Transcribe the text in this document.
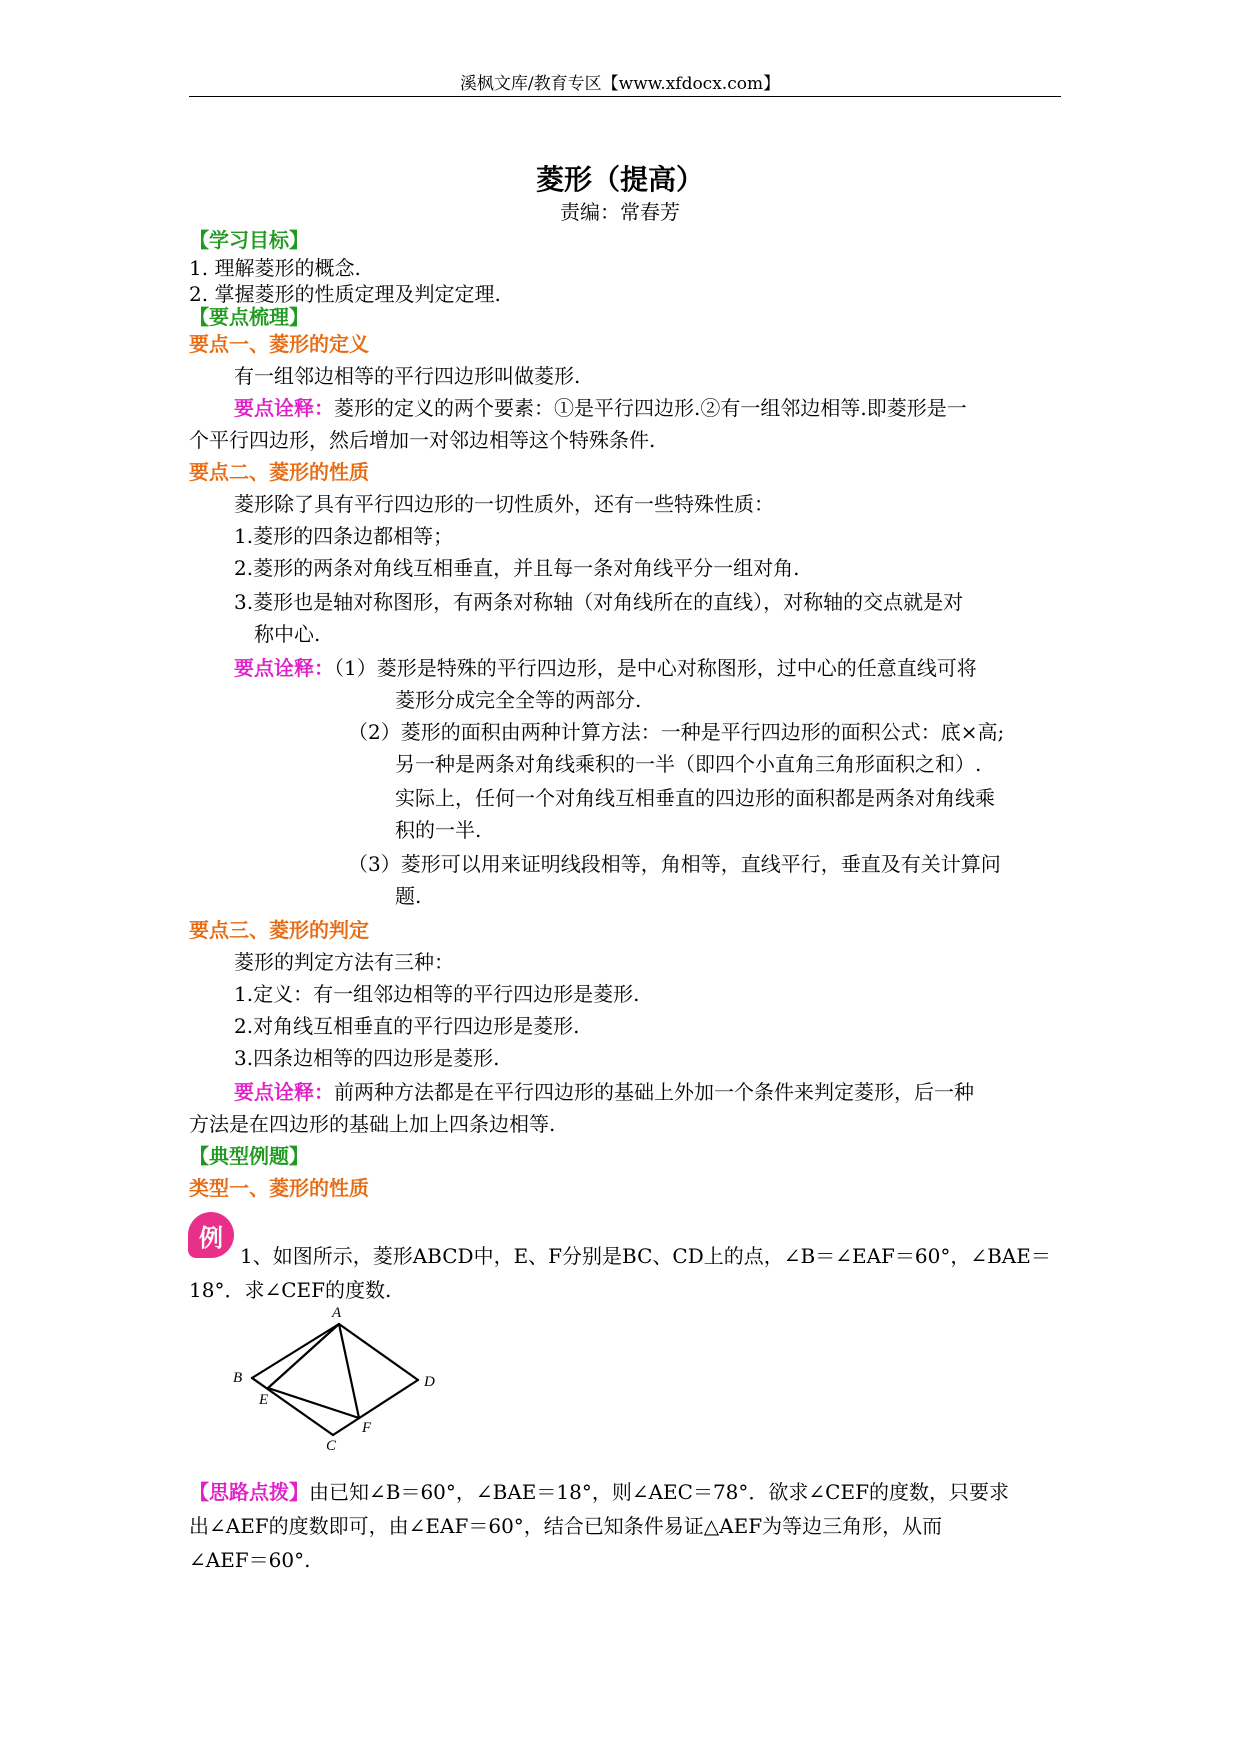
溪枫文库/教育专区【www.xfdocx.com】
菱形（提高）
责编：常春芳
【学习目标】
1. 理解菱形的概念.
2. 掌握菱形的性质定理及判定定理.
【要点梳理】
要点一、菱形的定义
有一组邻边相等的平行四边形叫做菱形.
要点诠释：菱形的定义的两个要素：①是平行四边形.②有一组邻边相等.即菱形是一
个平行四边形，然后增加一对邻边相等这个特殊条件.
要点二、菱形的性质
菱形除了具有平行四边形的一切性质外，还有一些特殊性质：
1.菱形的四条边都相等；
2.菱形的两条对角线互相垂直，并且每一条对角线平分一组对角.
3.菱形也是轴对称图形，有两条对称轴（对角线所在的直线），对称轴的交点就是对
称中心.
要点诠释：（1）菱形是特殊的平行四边形，是中心对称图形，过中心的任意直线可将
菱形分成完全全等的两部分.
（2）菱形的面积由两种计算方法：一种是平行四边形的面积公式：底×高;
另一种是两条对角线乘积的一半（即四个小直角三角形面积之和）.
实际上，任何一个对角线互相垂直的四边形的面积都是两条对角线乘
积的一半.
（3）菱形可以用来证明线段相等，角相等，直线平行，垂直及有关计算问
题.
要点三、菱形的判定
菱形的判定方法有三种：
1.定义：有一组邻边相等的平行四边形是菱形.
2.对角线互相垂直的平行四边形是菱形.
3.四条边相等的四边形是菱形.
要点诠释：前两种方法都是在平行四边形的基础上外加一个条件来判定菱形，后一种
方法是在四边形的基础上加上四条边相等.
【典型例题】
类型一、菱形的性质
例
1、如图所示，菱形ABCD中，E、F分别是BC、CD上的点，∠B＝∠EAF＝60°，∠BAE＝
18°．求∠CEF的度数.
A
B
C
D
E
F
【思路点拨】由已知∠B＝60°，∠BAE＝18°，则∠AEC＝78°．欲求∠CEF的度数，只要求
出∠AEF的度数即可，由∠EAF＝60°，结合已知条件易证△AEF为等边三角形，从而
∠AEF＝60°.
